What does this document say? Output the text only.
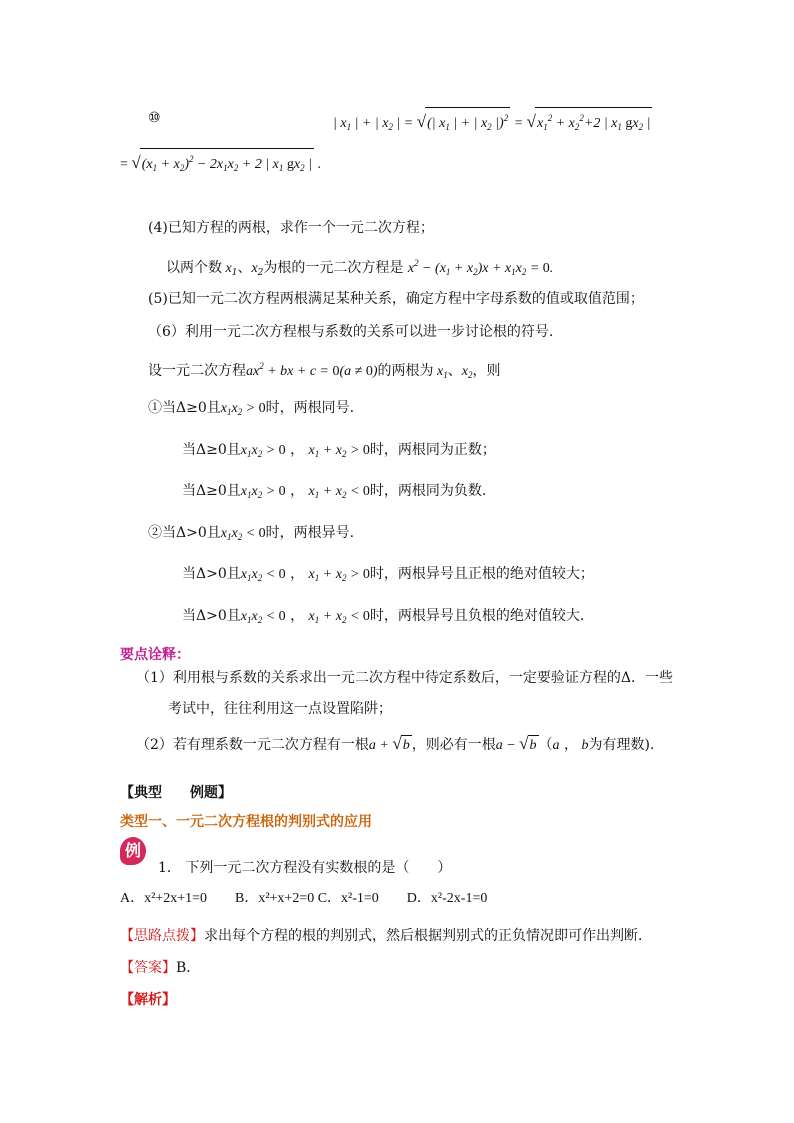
⑩	| $x_1$ | + | $x_2$ | = √(| $x_1$ | + | $x_2$ $|)^2 = √x_1^2 + x_2^2+2$ | $x_1$ $gx_2$ |
= $√(x_1 + x_2)^2 - 2x_1x_2 + 2$ | $x_1$ $gx_2$ | .
(4)已知方程的两根，求作一个一元二次方程；
以两个数 $x_1$、$x_2$为根的一元二次方程是 $x^2 - (x_1 + x_2)x + x_1x_2 = 0$.
(5)已知一元二次方程两根满足某种关系，确定方程中字母系数的值或取值范围；
（6）利用一元二次方程根与系数的关系可以进一步讨论根的符号.
设一元二次方程$ax^2$ + bx + c = 0(a ≠ 0)的两根为 $x_1$、$x_2$，则
①当Δ≥0且$x_1x_2 > 0$时，两根同号.
当Δ≥0且$x_1x_2 > 0$ ， $x_1 + x_2 > 0$时，两根同为正数；
当Δ≥0且$x_1x_2 > 0$ ， $x_1 + x_2 < 0$时，两根同为负数.
②当Δ>0且$x_1x_2 < 0$时，两根异号.
当Δ>0且$x_1x_2 < 0$ ， $x_1 + x_2 > 0$时，两根异号且正根的绝对值较大；
当Δ>0且$x_1x_2 < 0$ ， $x_1 + x_2 < 0$时，两根异号且负根的绝对值较大.
要点诠释：
（1）利用根与系数的关系求出一元二次方程中待定系数后，一定要验证方程的Δ．一些
考试中，往往利用这一点设置陷阱；
（2）若有理系数一元二次方程有一根a + √b ，则必有一根a − √b （a ， b为有理数).
【典型　　例题】
类型一、一元二次方程根的判别式的应用
例
1． 下列一元二次方程没有实数根的是（　　）
A．x²+2x+1=0　　B．x²+x+2=0 C．x²-1=0　　D．x²-2x-1=0
【思路点拨】求出每个方程的根的判别式，然后根据判别式的正负情况即可作出判断．
【答案】B．
【解析】
